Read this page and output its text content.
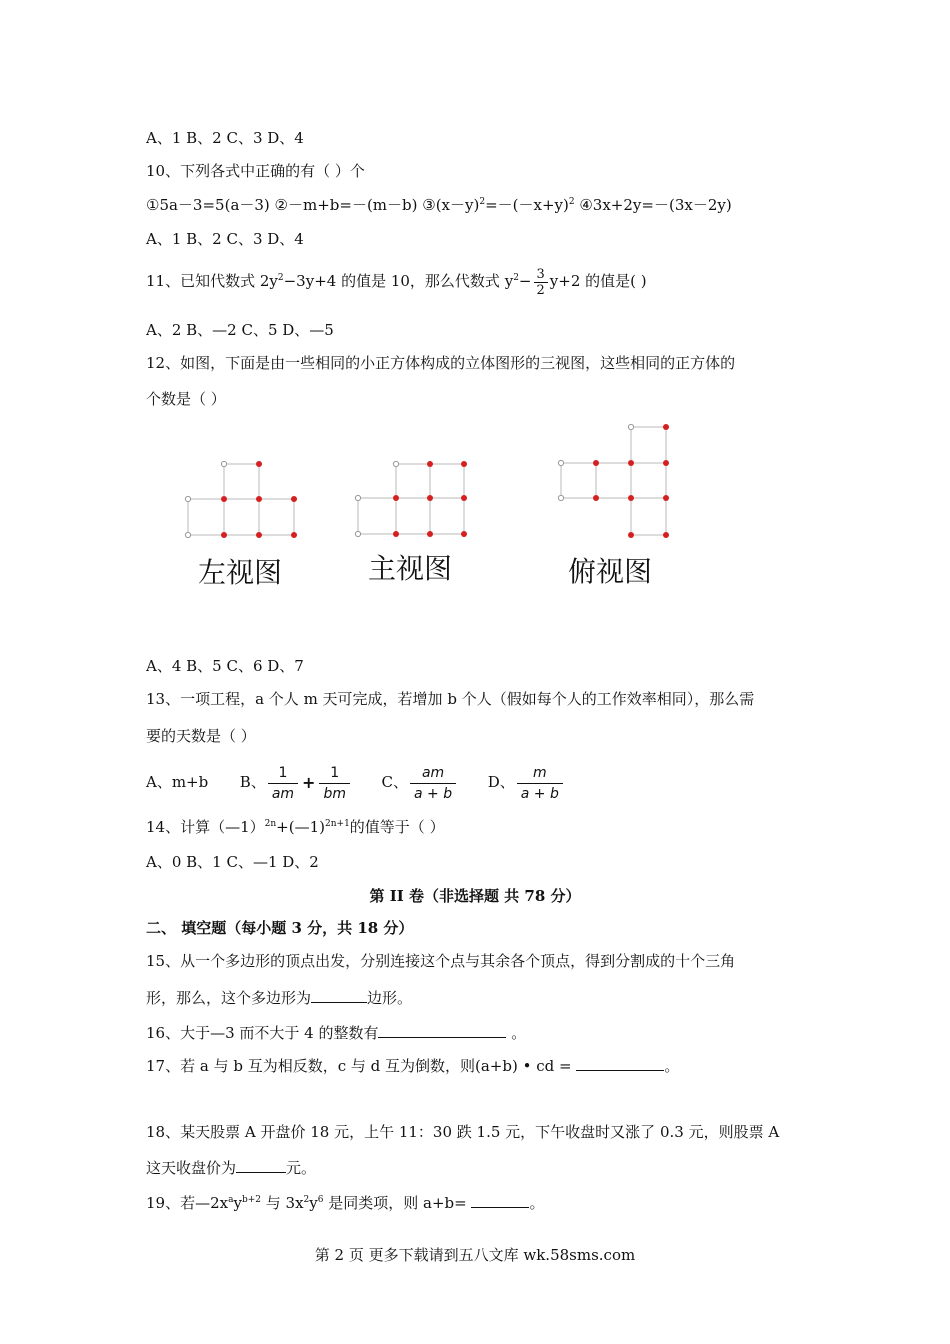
A、1 B、2 C、3 D、4
10、下列各式中正确的有（ ）个
①5a－3=5(a－3) ②－m+b=－(m－b) $③(x-y)^2=-(-x+y)^2$ ④3x+2y=－(3x－2y)
A、1 B、2 C、3 D、4
11、已知代数式 $2y^2-3y+4$ 的值是 10，那么代数式 $y^2- \frac{3}{2} y+2$ 的值是( )
A、2 B、—2 C、5 D、—5
12、如图，下面是由一些相同的小正方体构成的立体图形的三视图，这些相同的正方体的
个数是（ ）
左视图	主视图	俯视图
A、4 B、5 C、6 D、7
13、一项工程，a 个人 m 天可完成，若增加 b 个人（假如每个人的工作效率相同），那么需
要的天数是（ ）
A、m+b B、 $\frac{1}{am} + \frac{1}{bm}$ C、 $\frac{am}{a + b}$ D、 $\frac{m}{a + b}$
14、计算（—1）$^{2n}$+(—1)$^{2n+1}$的值等于（ ）
A、0 B、1 C、—1 D、2
第 II 卷（非选择题 共 78 分）
二、 填空题（每小题 3 分，共 18 分）
15、从一个多边形的顶点出发，分别连接这个点与其余各个顶点，得到分割成的十个三角
形，那么，这个多边形为	边形。
16、大于—3 而不大于 4 的整数有	。
17、若 a 与 b 互为相反数，c 与 d 互为倒数，则(a+b) • cd =	。
18、某天股票 A 开盘价 18 元，上午 11：30 跌 1.5 元，下午收盘时又涨了 0.3 元，则股票 A
这天收盘价为	元。
19、若$—2x^ay^{b+2}$ 与 $3x^2y^6$ 是同类项，则 a+b=	。
第 2 页 更多下载请到五八文库 wk.58sms.com
